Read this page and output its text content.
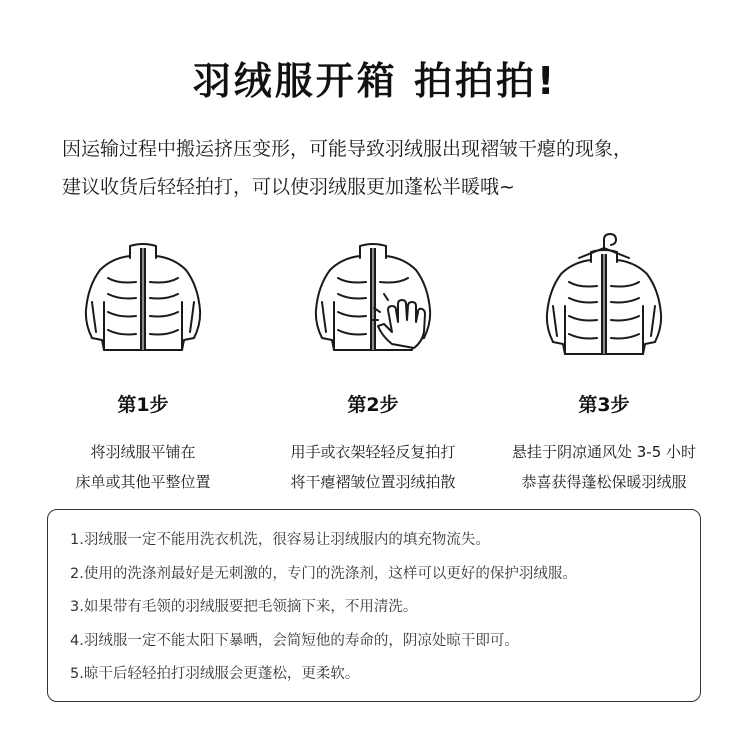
羽绒服开箱 拍拍拍!

因运输过程中搬运挤压变形，可能导致羽绒服出现褶皱干瘪的现象，

建议收货后轻轻拍打，可以使羽绒服更加蓬松半暖哦~

第1步
将羽绒服平铺在
床单或其他平整位置
第2步
用手或衣架轻轻反复拍打
将干瘪褶皱位置羽绒拍散
第3步
悬挂于阴凉通风处 3-5 小时
恭喜获得蓬松保暖羽绒服
1.羽绒服一定不能用洗衣机洗，很容易让羽绒服内的填充物流失。
2.使用的洗涤剂最好是无刺激的，专门的洗涤剂，这样可以更好的保护羽绒服。
3.如果带有毛领的羽绒服要把毛领摘下来，不用清洗。
4.羽绒服一定不能太阳下暴晒，会简短他的寿命的，阴凉处晾干即可。
5.晾干后轻轻拍打羽绒服会更蓬松，更柔软。
